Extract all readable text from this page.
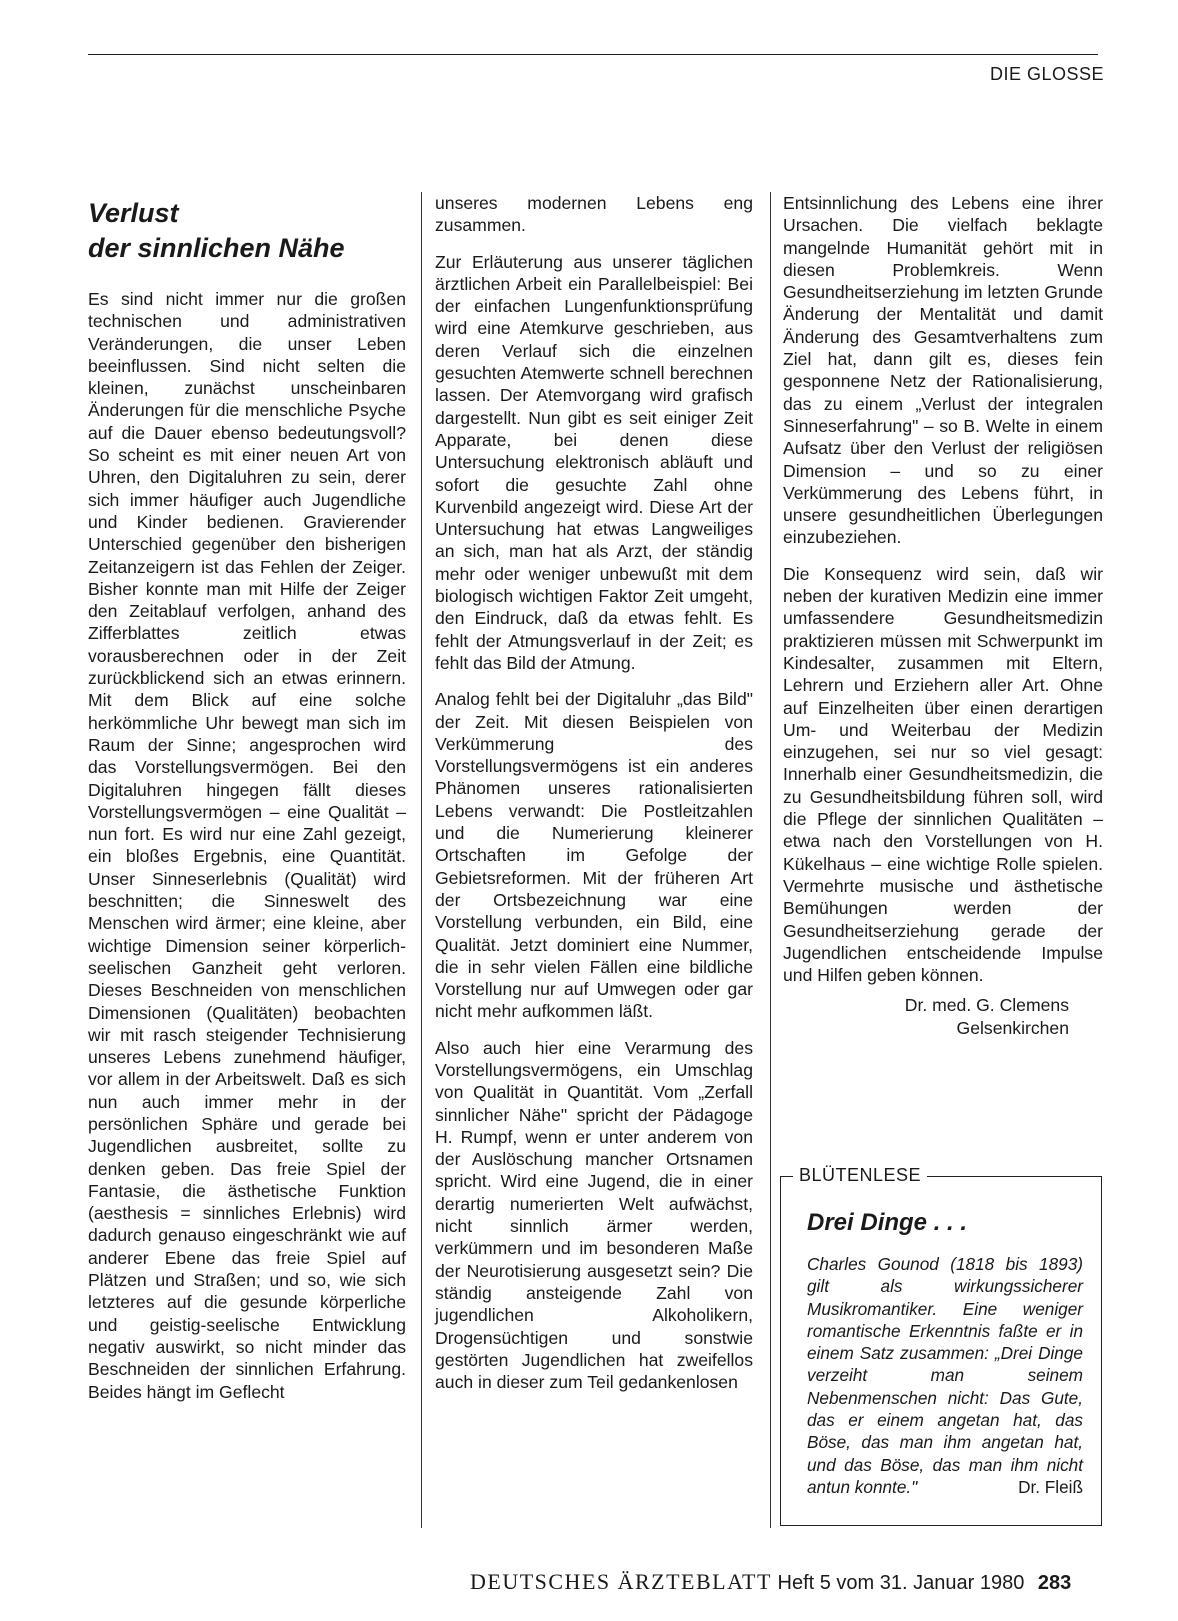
DIE GLOSSE
Verlust
der sinnlichen Nähe

Es sind nicht immer nur die großen technischen und administrativen Veränderungen, die unser Leben beeinflussen. Sind nicht selten die kleinen, zunächst unscheinbaren Änderungen für die menschliche Psyche auf die Dauer ebenso bedeutungsvoll? So scheint es mit einer neuen Art von Uhren, den Digitaluhren zu sein, derer sich immer häufiger auch Jugendliche und Kinder bedienen. Gravierender Unterschied gegenüber den bisherigen Zeitanzeigern ist das Fehlen der Zeiger. Bisher konnte man mit Hilfe der Zeiger den Zeitablauf verfolgen, anhand des Zifferblattes zeitlich etwas vorausberechnen oder in der Zeit zurückblickend sich an etwas erinnern. Mit dem Blick auf eine solche herkömmliche Uhr bewegt man sich im Raum der Sinne; angesprochen wird das Vorstellungsvermögen. Bei den Digitaluhren hingegen fällt dieses Vorstellungsvermögen – eine Qualität – nun fort. Es wird nur eine Zahl gezeigt, ein bloßes Ergebnis, eine Quantität. Unser Sinneserlebnis (Qualität) wird beschnitten; die Sinneswelt des Menschen wird ärmer; eine kleine, aber wichtige Dimension seiner körperlich-seelischen Ganzheit geht verloren. Dieses Beschneiden von menschlichen Dimensionen (Qualitäten) beobachten wir mit rasch steigender Technisierung unseres Lebens zunehmend häufiger, vor allem in der Arbeitswelt. Daß es sich nun auch immer mehr in der persönlichen Sphäre und gerade bei Jugendlichen ausbreitet, sollte zu denken geben. Das freie Spiel der Fantasie, die ästhetische Funktion (aesthesis = sinnliches Erlebnis) wird dadurch genauso eingeschränkt wie auf anderer Ebene das freie Spiel auf Plätzen und Straßen; und so, wie sich letzteres auf die gesunde körperliche und geistig-seelische Entwicklung negativ auswirkt, so nicht minder das Beschneiden der sinnlichen Erfahrung. Beides hängt im Geflecht

unseres modernen Lebens eng zusammen.

Zur Erläuterung aus unserer täglichen ärztlichen Arbeit ein Parallelbeispiel: Bei der einfachen Lungenfunktionsprüfung wird eine Atemkurve geschrieben, aus deren Verlauf sich die einzelnen gesuchten Atemwerte schnell berechnen lassen. Der Atemvorgang wird grafisch dargestellt. Nun gibt es seit einiger Zeit Apparate, bei denen diese Untersuchung elektronisch abläuft und sofort die gesuchte Zahl ohne Kurvenbild angezeigt wird. Diese Art der Untersuchung hat etwas Langweiliges an sich, man hat als Arzt, der ständig mehr oder weniger unbewußt mit dem biologisch wichtigen Faktor Zeit umgeht, den Eindruck, daß da etwas fehlt. Es fehlt der Atmungsverlauf in der Zeit; es fehlt das Bild der Atmung.

Analog fehlt bei der Digitaluhr „das Bild" der Zeit. Mit diesen Beispielen von Verkümmerung des Vorstellungsvermögens ist ein anderes Phänomen unseres rationalisierten Lebens verwandt: Die Postleitzahlen und die Numerierung kleinerer Ortschaften im Gefolge der Gebietsreformen. Mit der früheren Art der Ortsbezeichnung war eine Vorstellung verbunden, ein Bild, eine Qualität. Jetzt dominiert eine Nummer, die in sehr vielen Fällen eine bildliche Vorstellung nur auf Umwegen oder gar nicht mehr aufkommen läßt.

Also auch hier eine Verarmung des Vorstellungsvermögens, ein Umschlag von Qualität in Quantität. Vom „Zerfall sinnlicher Nähe" spricht der Pädagoge H. Rumpf, wenn er unter anderem von der Auslöschung mancher Ortsnamen spricht. Wird eine Jugend, die in einer derartig numerierten Welt aufwächst, nicht sinnlich ärmer werden, verkümmern und im besonderen Maße der Neurotisierung ausgesetzt sein? Die ständig ansteigende Zahl von jugendlichen Alkoholikern, Drogensüchtigen und sonstwie gestörten Jugendlichen hat zweifellos auch in dieser zum Teil gedankenlosen

Entsinnlichung des Lebens eine ihrer Ursachen. Die vielfach beklagte mangelnde Humanität gehört mit in diesen Problemkreis. Wenn Gesundheitserziehung im letzten Grunde Änderung der Mentalität und damit Änderung des Gesamtverhaltens zum Ziel hat, dann gilt es, dieses fein gesponnene Netz der Rationalisierung, das zu einem „Verlust der integralen Sinneserfahrung" – so B. Welte in einem Aufsatz über den Verlust der religiösen Dimension – und so zu einer Verkümmerung des Lebens führt, in unsere gesundheitlichen Überlegungen einzubeziehen.

Die Konsequenz wird sein, daß wir neben der kurativen Medizin eine immer umfassendere Gesundheitsmedizin praktizieren müssen mit Schwerpunkt im Kindesalter, zusammen mit Eltern, Lehrern und Erziehern aller Art. Ohne auf Einzelheiten über einen derartigen Um- und Weiterbau der Medizin einzugehen, sei nur so viel gesagt: Innerhalb einer Gesundheitsmedizin, die zu Gesundheitsbildung führen soll, wird die Pflege der sinnlichen Qualitäten – etwa nach den Vorstellungen von H. Kükelhaus – eine wichtige Rolle spielen. Vermehrte musische und ästhetische Bemühungen werden der Gesundheitserziehung gerade der Jugendlichen entscheidende Impulse und Hilfen geben können.

Dr. med. G. Clemens
Gelsenkirchen
BLÜTENLESE
Drei Dinge . . .
Charles Gounod (1818 bis 1893) gilt als wirkungssicherer Musikromantiker. Eine weniger romantische Erkenntnis faßte er in einem Satz zusammen: „Drei Dinge verzeiht man seinem Nebenmenschen nicht: Das Gute, das er einem angetan hat, das Böse, das man ihm angetan hat, und das Böse, das man ihm nicht antun konnte."	Dr. Fleiß
DEUTSCHES ÄRZTEBLATT Heft 5 vom 31. Januar 1980 283
